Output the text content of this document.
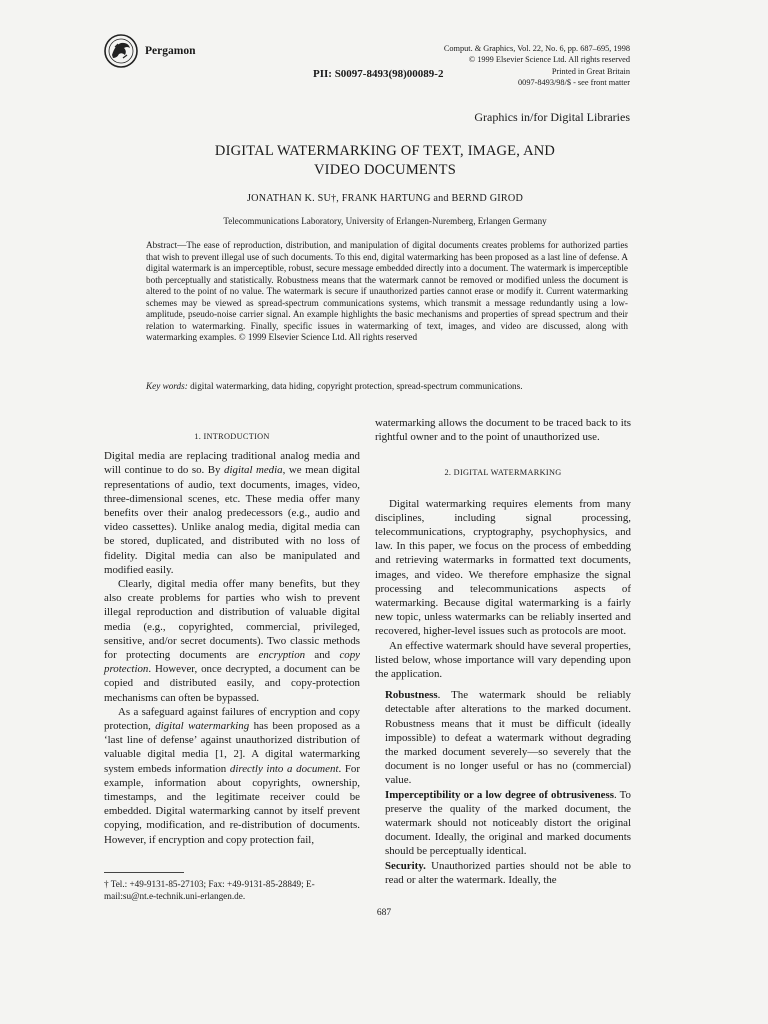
Pergamon
PII: S0097-8493(98)00089-2
Comput. & Graphics, Vol. 22, No. 6, pp. 687–695, 1998
© 1999 Elsevier Science Ltd. All rights reserved
Printed in Great Britain
0097-8493/98/$ - see front matter
Graphics in/for Digital Libraries
DIGITAL WATERMARKING OF TEXT, IMAGE, AND
VIDEO DOCUMENTS
JONATHAN K. SU†, FRANK HARTUNG and BERND GIROD
Telecommunications Laboratory, University of Erlangen-Nuremberg, Erlangen Germany
Abstract—The ease of reproduction, distribution, and manipulation of digital documents creates problems for authorized parties that wish to prevent illegal use of such documents. To this end, digital watermarking has been proposed as a last line of defense. A digital watermark is an imperceptible, robust, secure message embedded directly into a document. The watermark is imperceptible both perceptually and statistically. Robustness means that the watermark cannot be removed or modified unless the document is altered to the point of no value. The watermark is secure if unauthorized parties cannot erase or modify it. Current watermarking schemes may be viewed as spread-spectrum communications systems, which transmit a message redundantly using a low-amplitude, pseudo-noise carrier signal. An example highlights the basic mechanisms and properties of spread spectrum and their relation to watermarking. Finally, specific issues in watermarking of text, images, and video are discussed, along with watermarking examples. © 1999 Elsevier Science Ltd. All rights reserved
Key words: digital watermarking, data hiding, copyright protection, spread-spectrum communications.
1. INTRODUCTION

Digital media are replacing traditional analog media and will continue to do so. By digital media, we mean digital representations of audio, text documents, images, video, three-dimensional scenes, etc. These media offer many benefits over their analog predecessors (e.g., audio and video cassettes). Unlike analog media, digital media can be stored, duplicated, and distributed with no loss of fidelity. Digital media can also be manipulated and modified easily.

Clearly, digital media offer many benefits, but they also create problems for parties who wish to prevent illegal reproduction and distribution of valuable digital media (e.g., copyrighted, commercial, privileged, sensitive, and/or secret documents). Two classic methods for protecting documents are encryption and copy protection. However, once decrypted, a document can be copied and distributed easily, and copy-protection mechanisms can often be bypassed.

As a safeguard against failures of encryption and copy protection, digital watermarking has been proposed as a ‘last line of defense’ against unauthorized distribution of valuable digital media [1, 2]. A digital watermarking system embeds information directly into a document. For example, information about copyrights, ownership, timestamps, and the legitimate receiver could be embedded. Digital watermarking cannot by itself prevent copying, modification, and re-distribution of documents. However, if encryption and copy protection fail,

† Tel.: +49-9131-85-27103; Fax: +49-9131-85-28849; E-mail:su@nt.e-technik.uni-erlangen.de.

watermarking allows the document to be traced back to its rightful owner and to the point of unauthorized use.

2. DIGITAL WATERMARKING

Digital watermarking requires elements from many disciplines, including signal processing, telecommunications, cryptography, psychophysics, and law. In this paper, we focus on the process of embedding and retrieving watermarks in formatted text documents, images, and video. We therefore emphasize the signal processing and telecommunications aspects of watermarking. Because digital watermarking is a fairly new topic, unless watermarks can be reliably inserted and recovered, higher-level issues such as protocols are moot.

An effective watermark should have several properties, listed below, whose importance will vary depending upon the application.

Robustness. The watermark should be reliably detectable after alterations to the marked document. Robustness means that it must be difficult (ideally impossible) to defeat a watermark without degrading the marked document severely—so severely that the document is no longer useful or has no (commercial) value.

Imperceptibility or a low degree of obtrusiveness. To preserve the quality of the marked document, the watermark should not noticeably distort the original document. Ideally, the original and marked documents should be perceptually identical.

Security. Unauthorized parties should not be able to read or alter the watermark. Ideally, the

687
